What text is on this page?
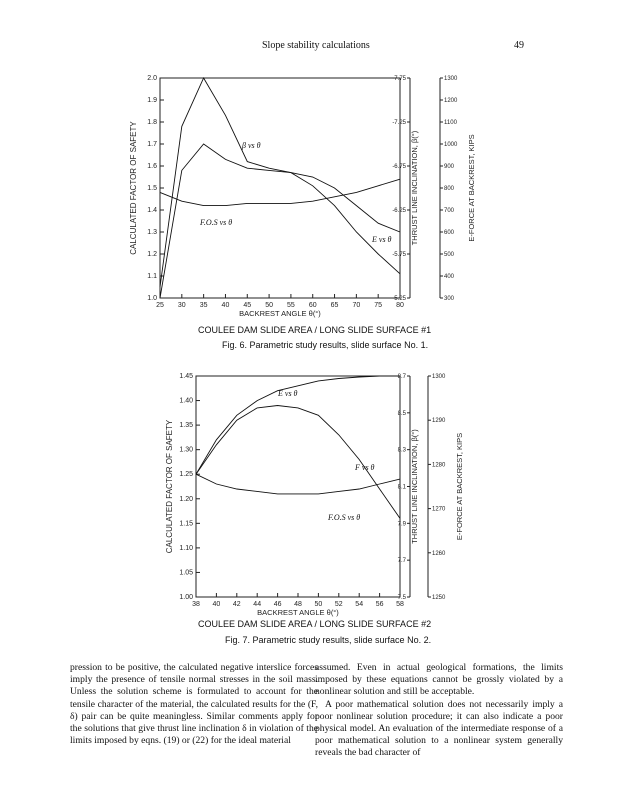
Slope stability calculations	49
25 30 35 40 45 50 55 60 65 70 75 80
BACKREST ANGLE θ(°)
1.0
1.1
1.2
1.3
1.4
1.5
1.6
1.7
1.8
1.9
2.0
CALCULATED FACTOR OF SAFETY
-5.25
-5.75
-6.25
-6.75
-7.25
-7.75
THRUST LINE INCLINATION, β(°)
300
400
500
600
700
800
900
1000
1100
1200
1300
E-FORCE AT BACKREST, KIPS
β vs θ
E vs θ
F.O.S vs θ
38 40 42 44 46 48 50 52 54 56 58
BACKREST ANGLE θ(°)
1.00
1.05
1.10
1.15
1.20
1.25
1.30
1.35
1.40
1.45
CALCULATED FACTOR OF SAFETY
7.5
7.7
7.9
8.1
8.3
8.5
8.7
THRUST LINE INCLINATION, β(°)
1250
1260
1270
1280
1290
1300
E-FORCE AT BACKREST, KIPS
E vs θ
F vs θ
F.O.S vs θ
COULEE DAM SLIDE AREA / LONG SLIDE SURFACE #1
Fig. 6. Parametric study results, slide surface No. 1.
COULEE DAM SLIDE AREA / LONG SLIDE SURFACE #2
Fig. 7. Parametric study results, slide surface No. 2.

pression to be positive, the calculated negative interslice forces imply the presence of tensile normal stresses in the soil mass. Unless the solution scheme is formulated to account for the tensile character of the material, the calculated results for the (F, δ) pair can be quite meaningless. Similar comments apply for the solutions that give thrust line inclination δ in violation of the limits imposed by eqns. (19) or (22) for the ideal material

assumed. Even in actual geological formations, the limits imposed by these equations cannot be grossly violated by a nonlinear solution and still be acceptable.

A poor mathematical solution does not necessarily imply a poor nonlinear solution procedure; it can also indicate a poor physical model. An evaluation of the intermediate response of a poor mathematical solution to a nonlinear system generally reveals the bad character of
